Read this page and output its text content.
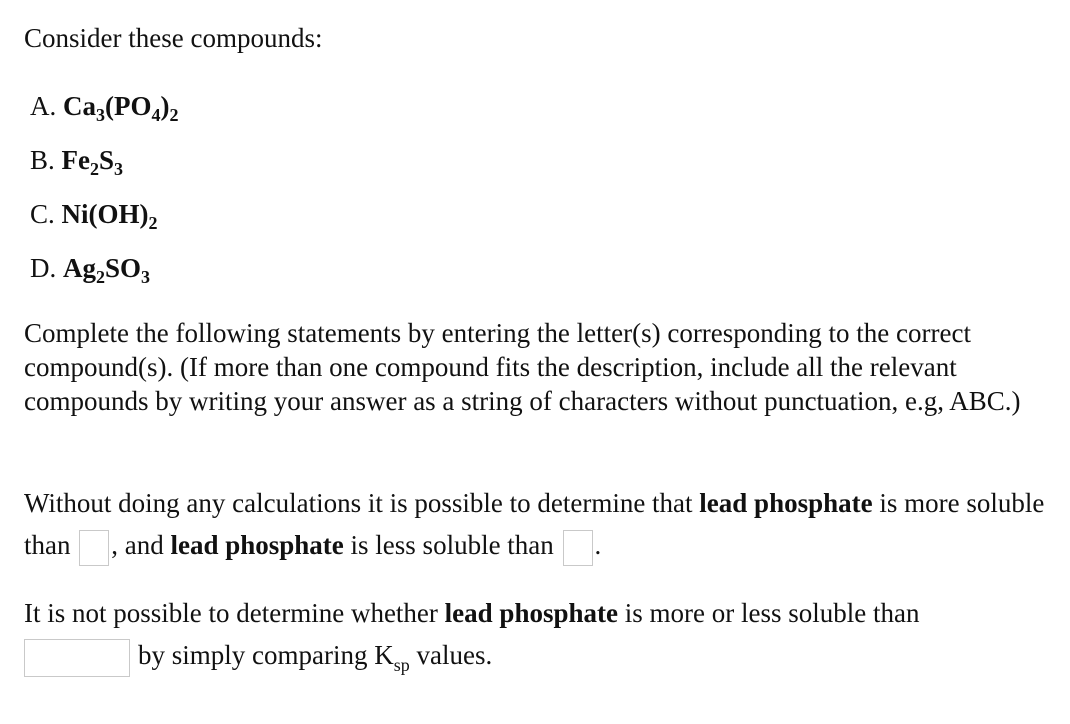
Consider these compounds:

A. $Ca_3(PO_4)_2$
B. $Fe_2S_3$
C. $Ni(OH)_2$
D. $Ag_2SO_3$

Complete the following statements by entering the letter(s) corresponding to the correct compound(s). (If more than one compound fits the description, include all the relevant compounds by writing your answer as a string of characters without punctuation, e.g, ABC.)

Without doing any calculations it is possible to determine that lead phosphate is more soluble than , and lead phosphate is less soluble than .

It is not possible to determine whether lead phosphate is more or less soluble than
by simply comparing $K_{sp}$ values.
